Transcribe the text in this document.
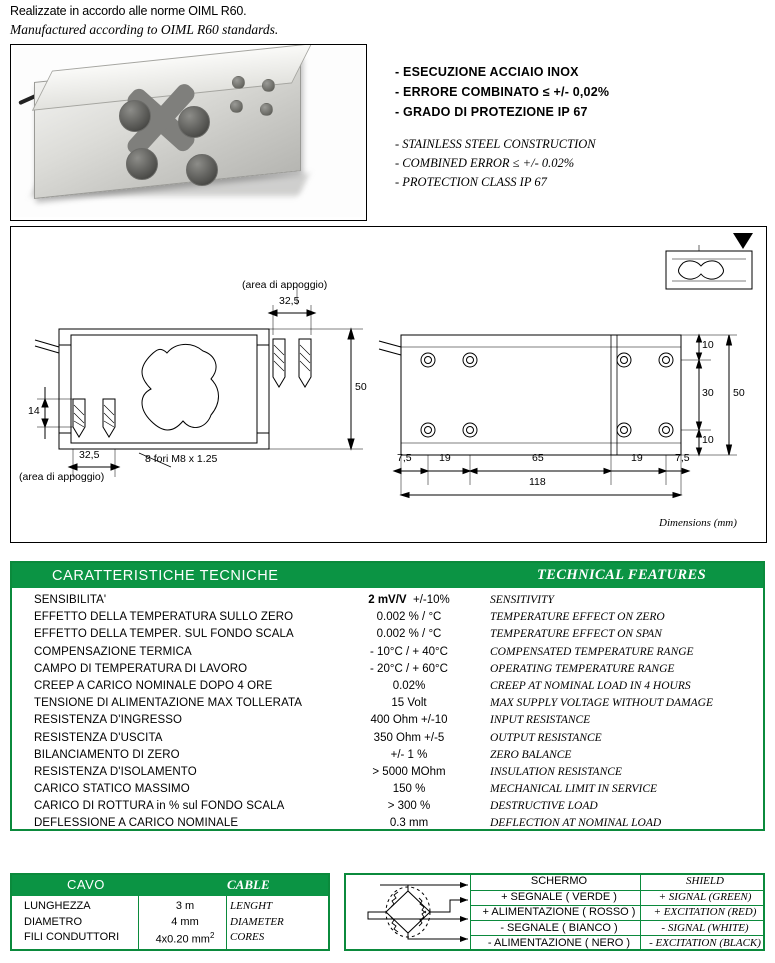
Realizzate in accordo alle norme OIML R60.
Manufactured according to OIML R60 standards.
- ESECUZIONE ACCIAIO INOX
- ERRORE COMBINATO ≤ +/- 0,02%
- GRADO DI PROTEZIONE IP 67
- STAINLESS STEEL CONSTRUCTION
- COMBINED ERROR ≤ +/- 0.02%
- PROTECTION CLASS IP 67
(area di appoggio)
32,5
50
14
32,5	8 fori M8 x 1.25
(area di appoggio)
10
30
10
50
7,5	19	65	19	7,5
118
Dimensions (mm)
CARATTERISTICHE TECNICHE	TECHNICAL FEATURES
SENSIBILITA'	2 mV/V +/-10%	SENSITIVITY
EFFETTO DELLA TEMPERATURA SULLO ZERO	0.002 % / °C	TEMPERATURE EFFECT ON ZERO
EFFETTO DELLA TEMPER. SUL FONDO SCALA	0.002 % / °C	TEMPERATURE EFFECT ON SPAN
COMPENSAZIONE TERMICA	- 10°C / + 40°C	COMPENSATED TEMPERATURE RANGE
CAMPO DI TEMPERATURA DI LAVORO	- 20°C / + 60°C	OPERATING TEMPERATURE RANGE
CREEP A CARICO NOMINALE DOPO 4 ORE	0.02%	CREEP AT NOMINAL LOAD IN 4 HOURS
TENSIONE DI ALIMENTAZIONE MAX TOLLERATA	15 Volt	MAX SUPPLY VOLTAGE WITHOUT DAMAGE
RESISTENZA D'INGRESSO	400 Ohm +/-10	INPUT RESISTANCE
RESISTENZA D'USCITA	350 Ohm +/-5	OUTPUT RESISTANCE
BILANCIAMENTO DI ZERO	+/- 1 %	ZERO BALANCE
RESISTENZA D'ISOLAMENTO	> 5000 MOhm	INSULATION RESISTANCE
CARICO STATICO MASSIMO	150 %	MECHANICAL LIMIT IN SERVICE
CARICO DI ROTTURA in % sul FONDO SCALA	> 300 %	DESTRUCTIVE LOAD
DEFLESSIONE A CARICO NOMINALE	0.3 mm	DEFLECTION AT NOMINAL LOAD
CAVO	CABLE
LUNGHEZZA	3 m	LENGHT
DIAMETRO	4 mm	DIAMETER
FILI CONDUTTORI	4x0.20 $mm^2$	CORES
SCHERMO	SHIELD
+ SEGNALE ( VERDE )	+ SIGNAL (GREEN)
+ ALIMENTAZIONE ( ROSSO )	+ EXCITATION (RED)
- SEGNALE ( BIANCO )	- SIGNAL (WHITE)
- ALIMENTAZIONE ( NERO )	- EXCITATION (BLACK)
